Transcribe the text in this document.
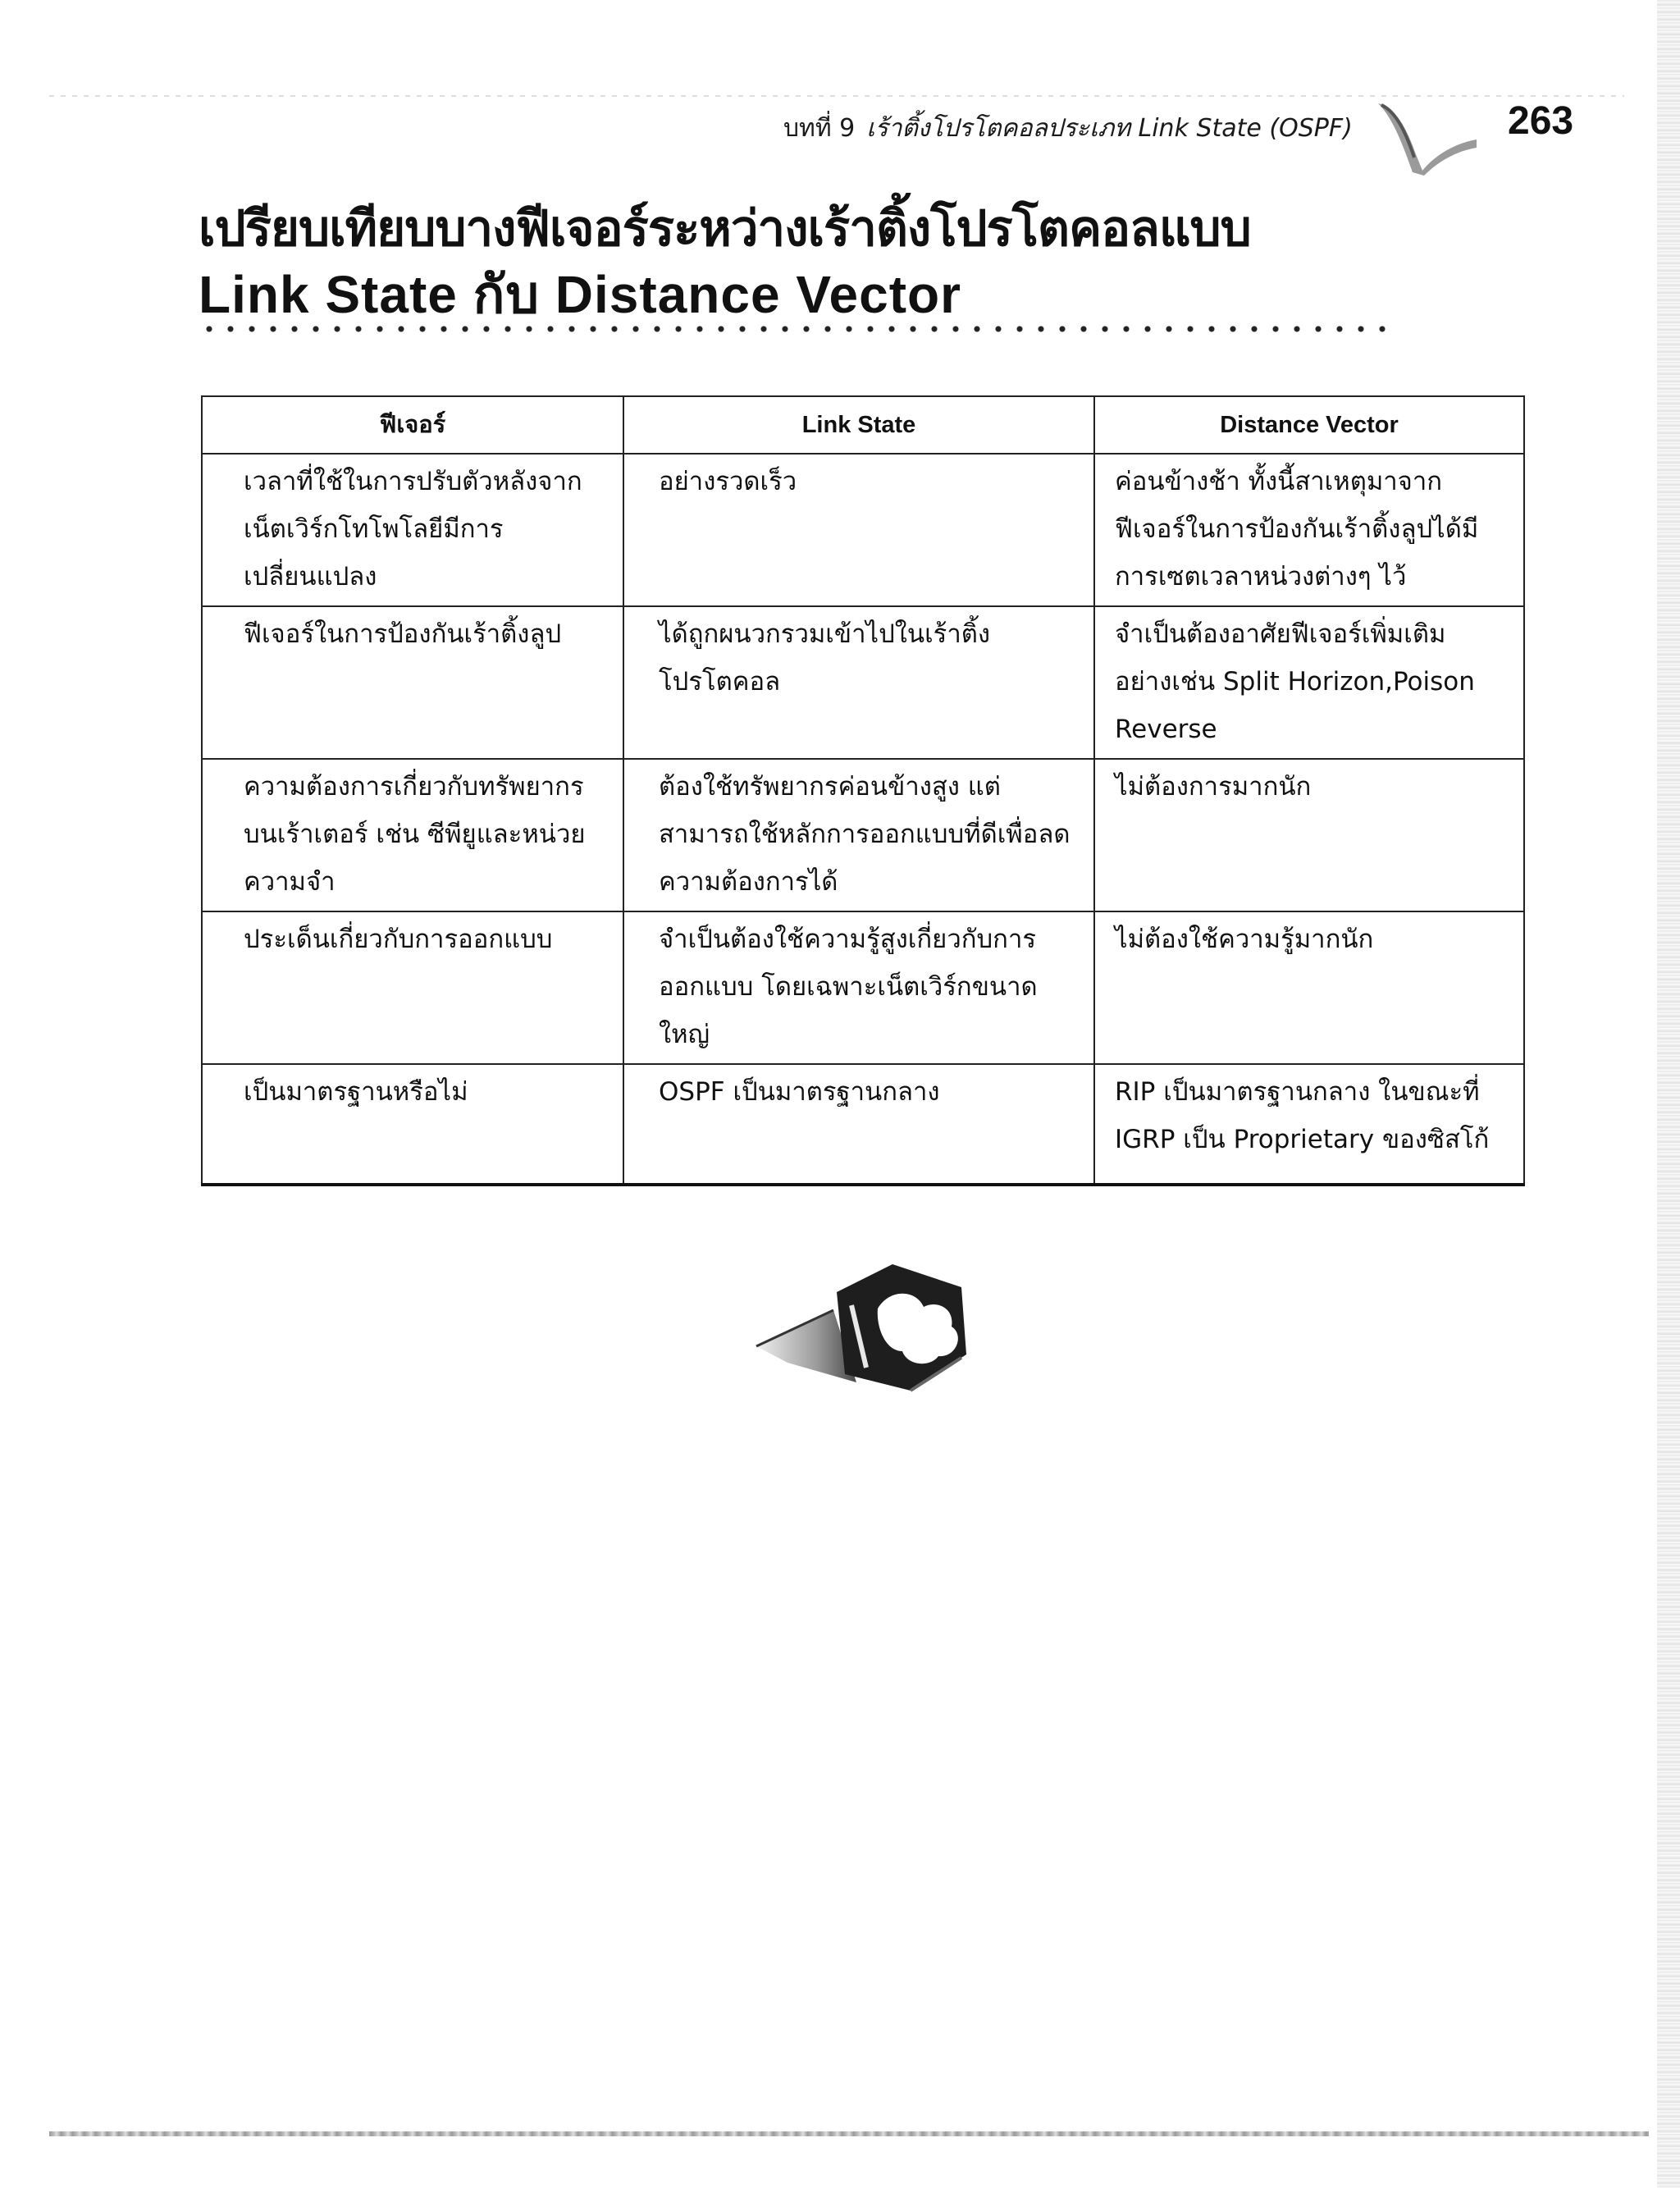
บทที่ 9 เร้าติ้งโปรโตคอลประเภท Link State (OSPF)	263
เปรียบเทียบบางฟีเจอร์ระหว่างเร้าติ้งโปรโตคอลแบบ
Link State กับ Distance Vector
ฟีเจอร์	Link State	Distance Vector
เวลาที่ใช้ในการปรับตัวหลังจากเน็ตเวิร์กโทโพโลยีมีการเปลี่ยนแปลง	อย่างรวดเร็ว	ค่อนข้างช้า ทั้งนี้สาเหตุมาจากฟีเจอร์ในการป้องกันเร้าติ้งลูปได้มีการเซตเวลาหน่วงต่างๆ ไว้
ฟีเจอร์ในการป้องกันเร้าติ้งลูป	ได้ถูกผนวกรวมเข้าไปในเร้าติ้งโปรโตคอล	จำเป็นต้องอาศัยฟีเจอร์เพิ่มเติม อย่างเช่น Split Horizon,Poison Reverse
ความต้องการเกี่ยวกับทรัพยากรบนเร้าเตอร์ เช่น ซีพียูและหน่วยความจำ	ต้องใช้ทรัพยากรค่อนข้างสูง แต่สามารถใช้หลักการออกแบบที่ดีเพื่อลดความต้องการได้	ไม่ต้องการมากนัก
ประเด็นเกี่ยวกับการออกแบบ	จำเป็นต้องใช้ความรู้สูงเกี่ยวกับการออกแบบ โดยเฉพาะเน็ตเวิร์กขนาดใหญ่	ไม่ต้องใช้ความรู้มากนัก
เป็นมาตรฐานหรือไม่	OSPF เป็นมาตรฐานกลาง	RIP เป็นมาตรฐานกลาง ในขณะที่ IGRP เป็น Proprietary ของซิสโก้
